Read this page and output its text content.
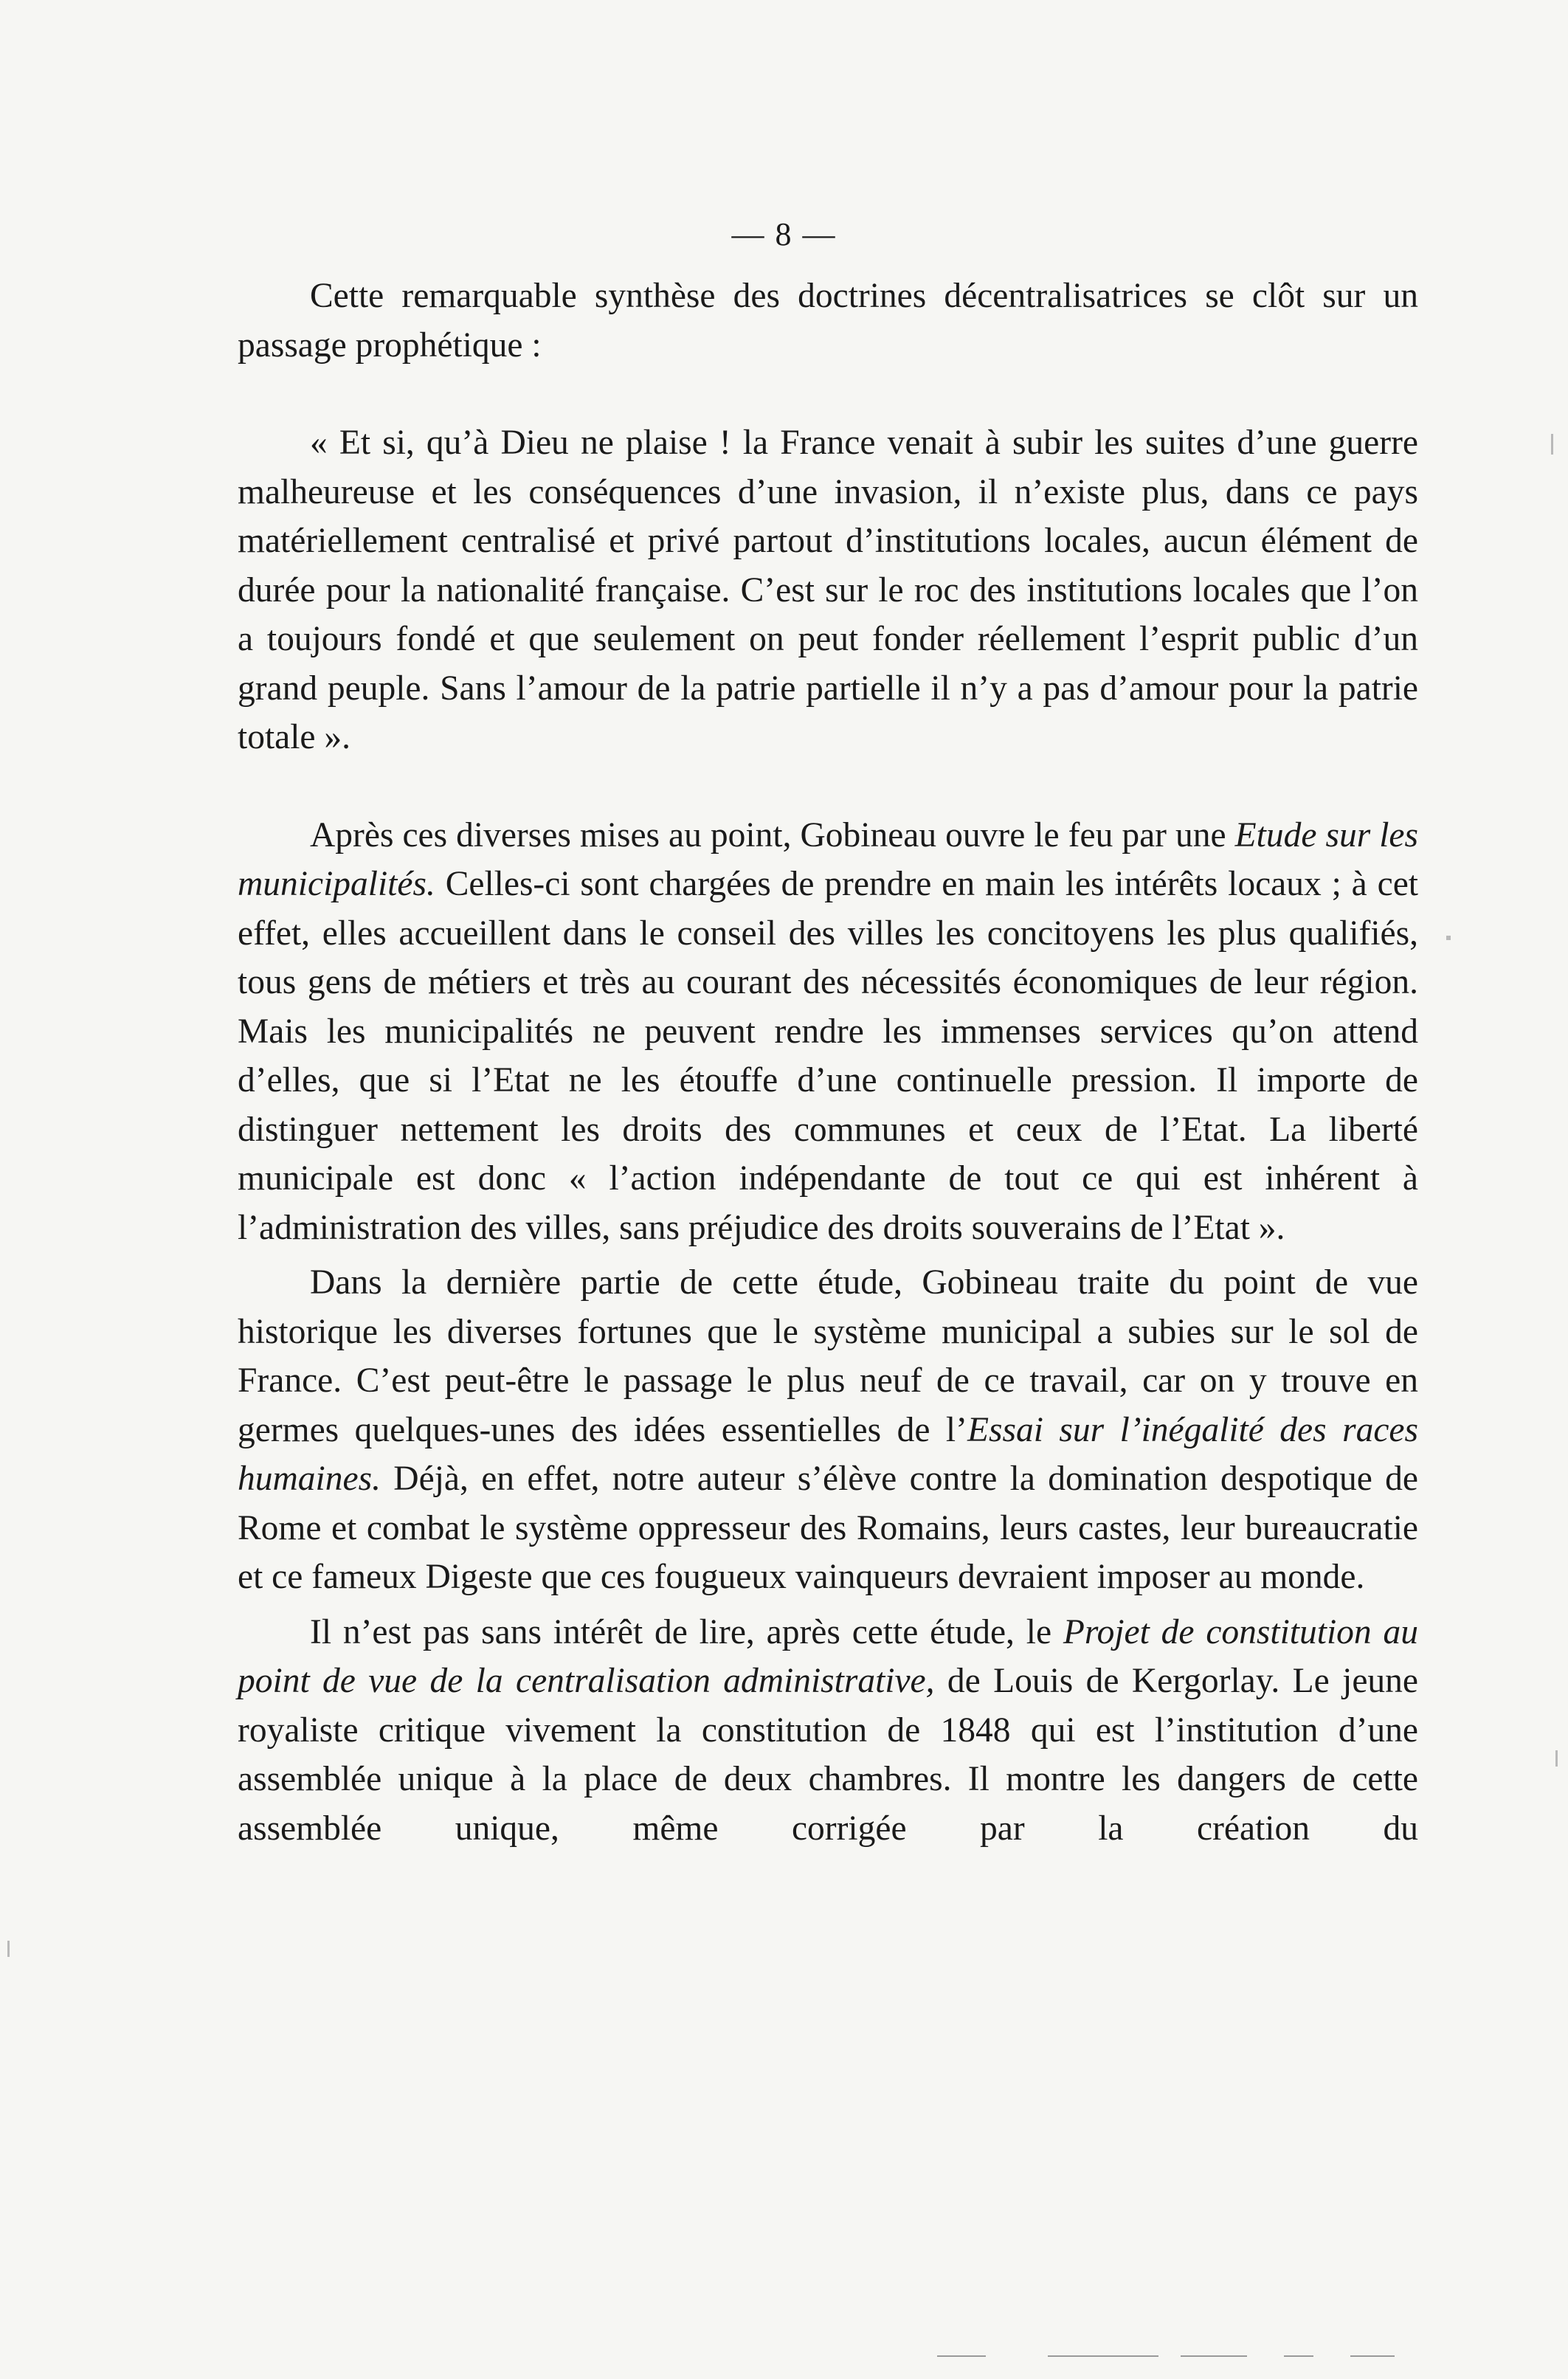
— 8 —

Cette remarquable synthèse des doctrines décentralisatrices se clôt sur un passage prophétique :

« Et si, qu’à Dieu ne plaise ! la France venait à subir les suites d’une guerre malheureuse et les conséquences d’une invasion, il n’existe plus, dans ce pays matériellement centralisé et privé partout d’institutions locales, aucun élément de durée pour la nationalité française. C’est sur le roc des institutions locales que l’on a toujours fondé et que seulement on peut fonder réellement l’esprit public d’un grand peuple. Sans l’amour de la patrie partielle il n’y a pas d’amour pour la patrie totale ».

Après ces diverses mises au point, Gobineau ouvre le feu par une Etude sur les municipalités. Celles-ci sont chargées de prendre en main les intérêts locaux ; à cet effet, elles accueillent dans le conseil des villes les concitoyens les plus qualifiés, tous gens de métiers et très au courant des nécessités économiques de leur région. Mais les municipalités ne peuvent rendre les immenses services qu’on attend d’elles, que si l’Etat ne les étouffe d’une continuelle pression. Il importe de distinguer nettement les droits des communes et ceux de l’Etat. La liberté municipale est donc « l’action indépendante de tout ce qui est inhérent à l’administration des villes, sans préjudice des droits souverains de l’Etat ».

Dans la dernière partie de cette étude, Gobineau traite du point de vue historique les diverses fortunes que le système municipal a subies sur le sol de France. C’est peut-être le passage le plus neuf de ce travail, car on y trouve en germes quelques-unes des idées essentielles de l’Essai sur l’inégalité des races humaines. Déjà, en effet, notre auteur s’élève contre la domination despotique de Rome et combat le système oppresseur des Romains, leurs castes, leur bureaucratie et ce fameux Digeste que ces fougueux vainqueurs devraient imposer au monde.

Il n’est pas sans intérêt de lire, après cette étude, le Projet de constitution au point de vue de la centralisation administrative, de Louis de Kergorlay. Le jeune royaliste critique vivement la constitution de 1848 qui est l’institution d’une assemblée unique à la place de deux chambres. Il montre les dangers de cette assemblée unique, même corrigée par la création du
